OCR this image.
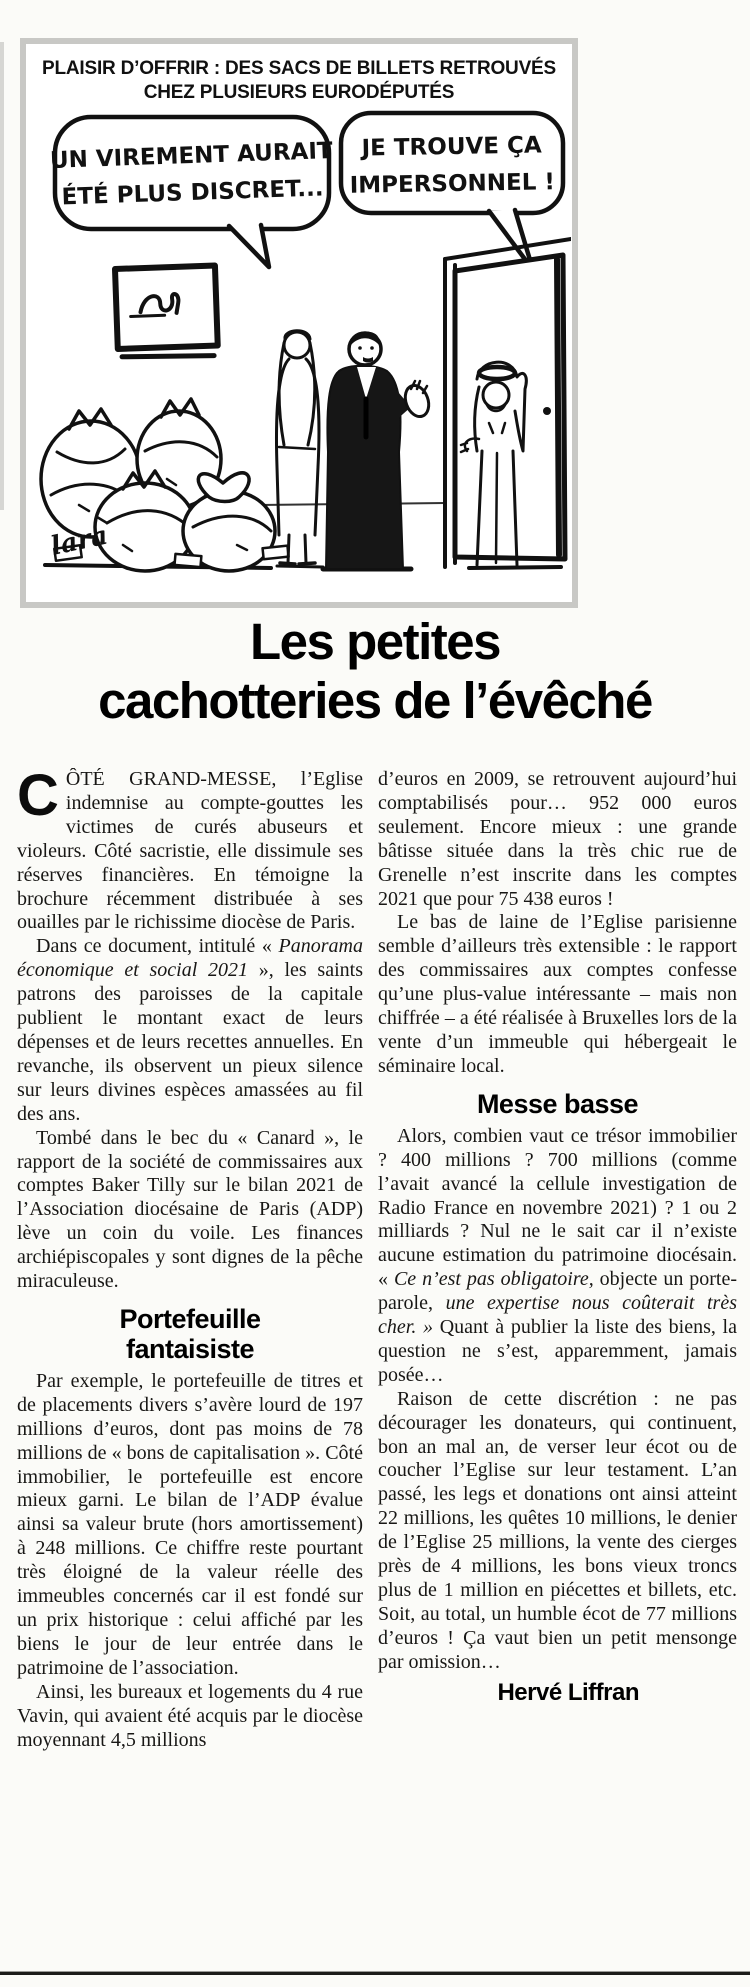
PLAISIR D’OFFRIR : DES SACS DE BILLETS RETROUVÉS
CHEZ PLUSIEURS EURODÉPUTÉS
UN VIREMENT AURAIT
ÉTÉ PLUS DISCRET...
JE TROUVE ÇA
IMPERSONNEL !
lara
Les petites
cachotteries de l’évêché

CÔTÉ GRAND-MESSE, l’Eglise indemnise au compte-gouttes les victimes de curés abuseurs et violeurs. Côté sacristie, elle dissimule ses réserves financières. En témoigne la brochure récemment distribuée à ses ouailles par le richissime diocèse de Paris.

Dans ce document, intitulé « Panorama économique et social 2021 », les saints patrons des paroisses de la capitale publient le montant exact de leurs dépenses et de leurs recettes annuelles. En revanche, ils observent un pieux silence sur leurs divines espèces amassées au fil des ans.

Tombé dans le bec du « Canard », le rapport de la société de commissaires aux comptes Baker Tilly sur le bilan 2021 de l’Association diocésaine de Paris (ADP) lève un coin du voile. Les finances archiépiscopales y sont dignes de la pêche miraculeuse.

Portefeuille
fantaisiste

Par exemple, le portefeuille de titres et de placements divers s’avère lourd de 197 millions d’euros, dont pas moins de 78 millions de « bons de capitalisation ». Côté immobilier, le portefeuille est encore mieux garni. Le bilan de l’ADP évalue ainsi sa valeur brute (hors amortissement) à 248 millions. Ce chiffre reste pourtant très éloigné de la valeur réelle des immeubles concernés car il est fondé sur un prix historique : celui affiché par les biens le jour de leur entrée dans le patrimoine de l’association.

Ainsi, les bureaux et logements du 4 rue Vavin, qui avaient été acquis par le diocèse moyennant 4,5 millions

d’euros en 2009, se retrouvent aujourd’hui comptabilisés pour… 952 000 euros seulement. Encore mieux : une grande bâtisse située dans la très chic rue de Grenelle n’est inscrite dans les comptes 2021 que pour 75 438 euros !

Le bas de laine de l’Eglise parisienne semble d’ailleurs très extensible : le rapport des commissaires aux comptes confesse qu’une plus-value intéressante – mais non chiffrée – a été réalisée à Bruxelles lors de la vente d’un immeuble qui hébergeait le séminaire local.

Messe basse

Alors, combien vaut ce trésor immobilier ? 400 millions ? 700 millions (comme l’avait avancé la cellule investigation de Radio France en novembre 2021) ? 1 ou 2 milliards ? Nul ne le sait car il n’existe aucune estimation du patrimoine diocésain. « Ce n’est pas obligatoire, objecte un porte-parole, une expertise nous coûterait très cher. » Quant à publier la liste des biens, la question ne s’est, apparemment, jamais posée…

Raison de cette discrétion : ne pas décourager les donateurs, qui continuent, bon an mal an, de verser leur écot ou de coucher l’Eglise sur leur testament. L’an passé, les legs et donations ont ainsi atteint 22 millions, les quêtes 10 millions, le denier de l’Eglise 25 millions, la vente des cierges près de 4 millions, les bons vieux troncs plus de 1 million en piécettes et billets, etc. Soit, au total, un humble écot de 77 millions d’euros ! Ça vaut bien un petit mensonge par omission…

Hervé Liffran
